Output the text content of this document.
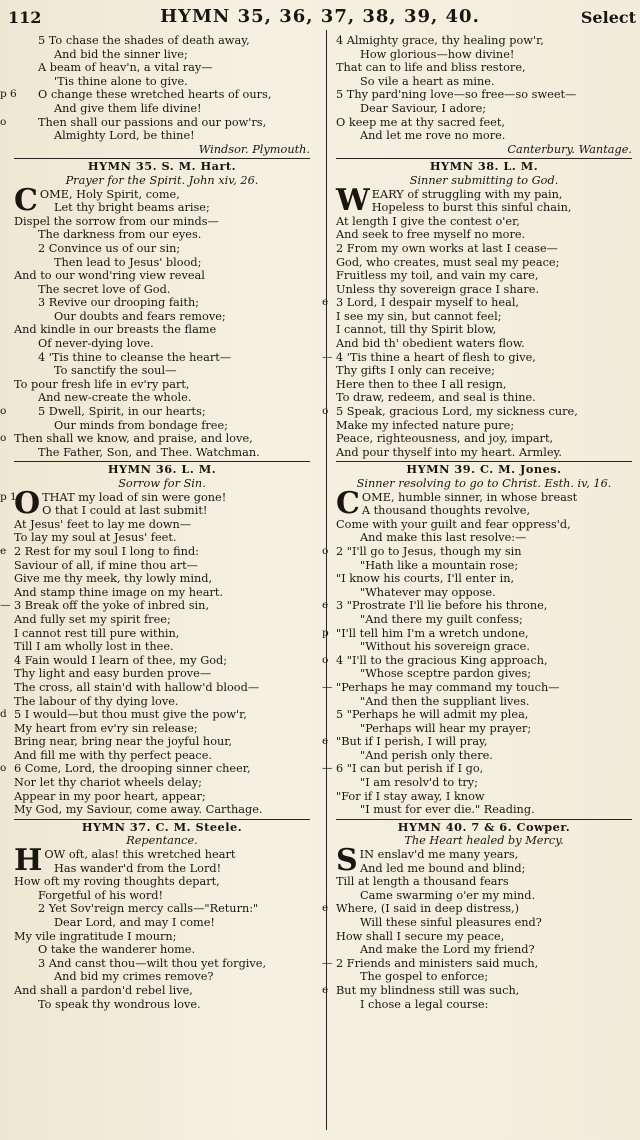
112	HYMN 35, 36, 37, 38, 39, 40.	Select
5 To chase the shades of death away,
And bid the sinner live;
A beam of heav'n, a vital ray—
'Tis thine alone to give.
p 6 O change these wretched hearts of ours,
And give them life divine!
o	Then shall our passions and our pow'rs,
Almighty Lord, be thine!
Windsor. Plymouth.
HYMN 35. S. M. Hart.
Prayer for the Spirit. John xiv, 26.
COME, Holy Spirit, come,
Let thy bright beams arise;
Dispel the sorrow from our minds—
The darkness from our eyes.
2 Convince us of our sin;
Then lead to Jesus' blood;
And to our wond'ring view reveal
The secret love of God.
3 Revive our drooping faith;
Our doubts and fears remove;
And kindle in our breasts the flame
Of never-dying love.
4 'Tis thine to cleanse the heart—
To sanctify the soul—
To pour fresh life in ev'ry part,
And new-create the whole.
o	5 Dwell, Spirit, in our hearts;
Our minds from bondage free;
o Then shall we know, and praise, and love,
The Father, Son, and Thee. Watchman.
HYMN 36. L. M.
Sorrow for Sin.
p 1
O THAT my load of sin were gone!
O that I could at last submit!
At Jesus' feet to lay me down—
To lay my soul at Jesus' feet.
e 2 Rest for my soul I long to find:
Saviour of all, if mine thou art—
Give me thy meek, thy lowly mind,
And stamp thine image on my heart.
— 3 Break off the yoke of inbred sin,
And fully set my spirit free;
I cannot rest till pure within,
Till I am wholly lost in thee.
4 Fain would I learn of thee, my God;
Thy light and easy burden prove—
The cross, all stain'd with hallow'd blood—
The labour of thy dying love.
d 5 I would—but thou must give the pow'r,
My heart from ev'ry sin release;
Bring near, bring near the joyful hour,
And fill me with thy perfect peace.
o 6 Come, Lord, the drooping sinner cheer,
Nor let thy chariot wheels delay;
Appear in my poor heart, appear;
My God, my Saviour, come away. Carthage.
HYMN 37. C. M. Steele.
Repentance.
HOW oft, alas! this wretched heart
Has wander'd from the Lord!
How oft my roving thoughts depart,
Forgetful of his word!
2 Yet Sov'reign mercy calls—"Return:"
Dear Lord, and may I come!
My vile ingratitude I mourn;
O take the wanderer home.
3 And canst thou—wilt thou yet forgive,
And bid my crimes remove?
And shall a pardon'd rebel live,
To speak thy wondrous love.
4 Almighty grace, thy healing pow'r,
How glorious—how divine!
That can to life and bliss restore,
So vile a heart as mine.
5 Thy pard'ning love—so free—so sweet—
Dear Saviour, I adore;
O keep me at thy sacred feet,
And let me rove no more.
Canterbury. Wantage.
HYMN 38. L. M.
Sinner submitting to God.
WEARY of struggling with my pain,
Hopeless to burst this sinful chain,
At length I give the contest o'er,
And seek to free myself no more.
2 From my own works at last I cease—
God, who creates, must seal my peace;
Fruitless my toil, and vain my care,
Unless thy sovereign grace I share.
e 3 Lord, I despair myself to heal,
I see my sin, but cannot feel;
I cannot, till thy Spirit blow,
And bid th' obedient waters flow.
— 4 'Tis thine a heart of flesh to give,
Thy gifts I only can receive;
Here then to thee I all resign,
To draw, redeem, and seal is thine.
o 5 Speak, gracious Lord, my sickness cure,
Make my infected nature pure;
Peace, righteousness, and joy, impart,
And pour thyself into my heart. Armley.
HYMN 39. C. M. Jones.
Sinner resolving to go to Christ. Esth. iv, 16.
COME, humble sinner, in whose breast
A thousand thoughts revolve,
Come with your guilt and fear oppress'd,
And make this last resolve:—
o 2 "I'll go to Jesus, though my sin
"Hath like a mountain rose;
"I know his courts, I'll enter in,
"Whatever may oppose.
e 3 "Prostrate I'll lie before his throne,
"And there my guilt confess;
p "I'll tell him I'm a wretch undone,
"Without his sovereign grace.
o 4 "I'll to the gracious King approach,
"Whose sceptre pardon gives;
— "Perhaps he may command my touch—
"And then the suppliant lives.
5 "Perhaps he will admit my plea,
"Perhaps will hear my prayer;
e "But if I perish, I will pray,
"And perish only there.
— 6 "I can but perish if I go,
"I am resolv'd to try;
"For if I stay away, I know
"I must for ever die." Reading.
HYMN 40. 7 & 6. Cowper.
The Heart healed by Mercy.
SIN enslav'd me many years,
And led me bound and blind;
Till at length a thousand fears
Came swarming o'er my mind.
e Where, (I said in deep distress,)
Will these sinful pleasures end?
How shall I secure my peace,
And make the Lord my friend?
— 2 Friends and ministers said much,
The gospel to enforce;
e But my blindness still was such,
I chose a legal course:
